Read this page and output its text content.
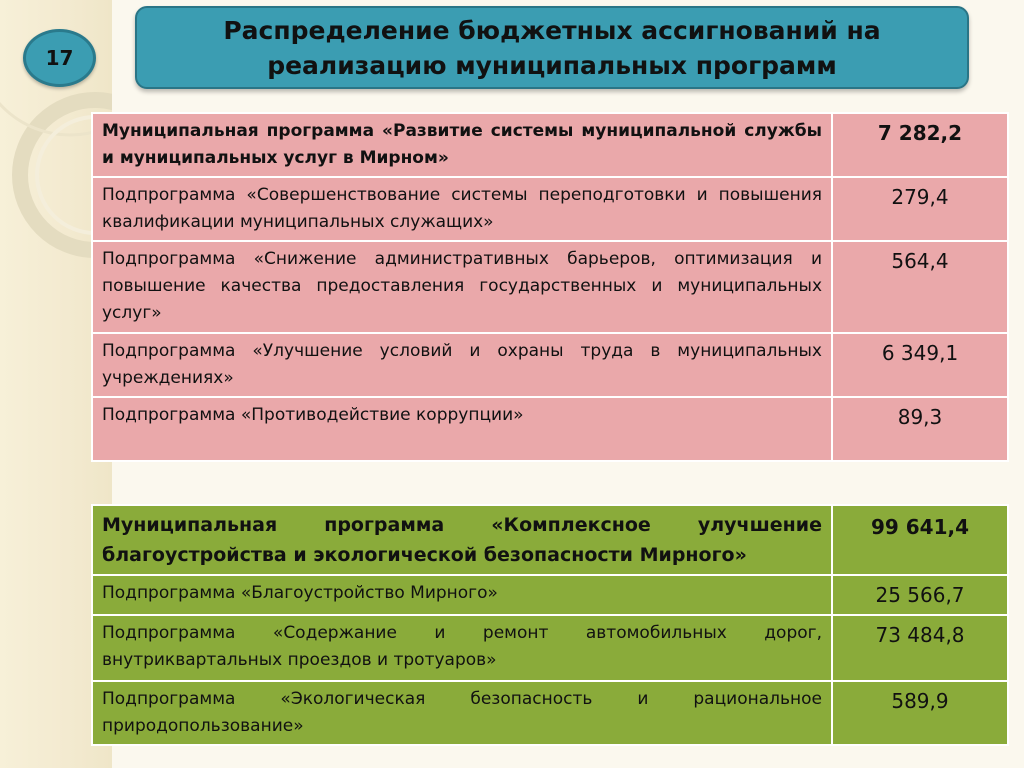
17
Распределение бюджетных ассигнований на
реализацию муниципальных программ
Муниципальная программа «Развитие системы муниципальной службы и муниципальных услуг в Мирном»	7 282,2
Подпрограмма «Совершенствование системы переподготовки и повышения квалификации муниципальных служащих»	279,4
Подпрограмма «Снижение административных барьеров, оптимизация и повышение качества предоставления государственных и муниципальных услуг»	564,4
Подпрограмма «Улучшение условий и охраны труда в муниципальных учреждениях»	6 349,1
Подпрограмма «Противодействие коррупции»	89,3
Муниципальная программа «Комплексное улучшение благоустройства и экологической безопасности Мирного»	99 641,4
Подпрограмма «Благоустройство Мирного»	25 566,7
Подпрограмма «Содержание и ремонт автомобильных дорог, внутриквартальных проездов и тротуаров»	73 484,8
Подпрограмма «Экологическая безопасность и рациональное природопользование»	589,9
